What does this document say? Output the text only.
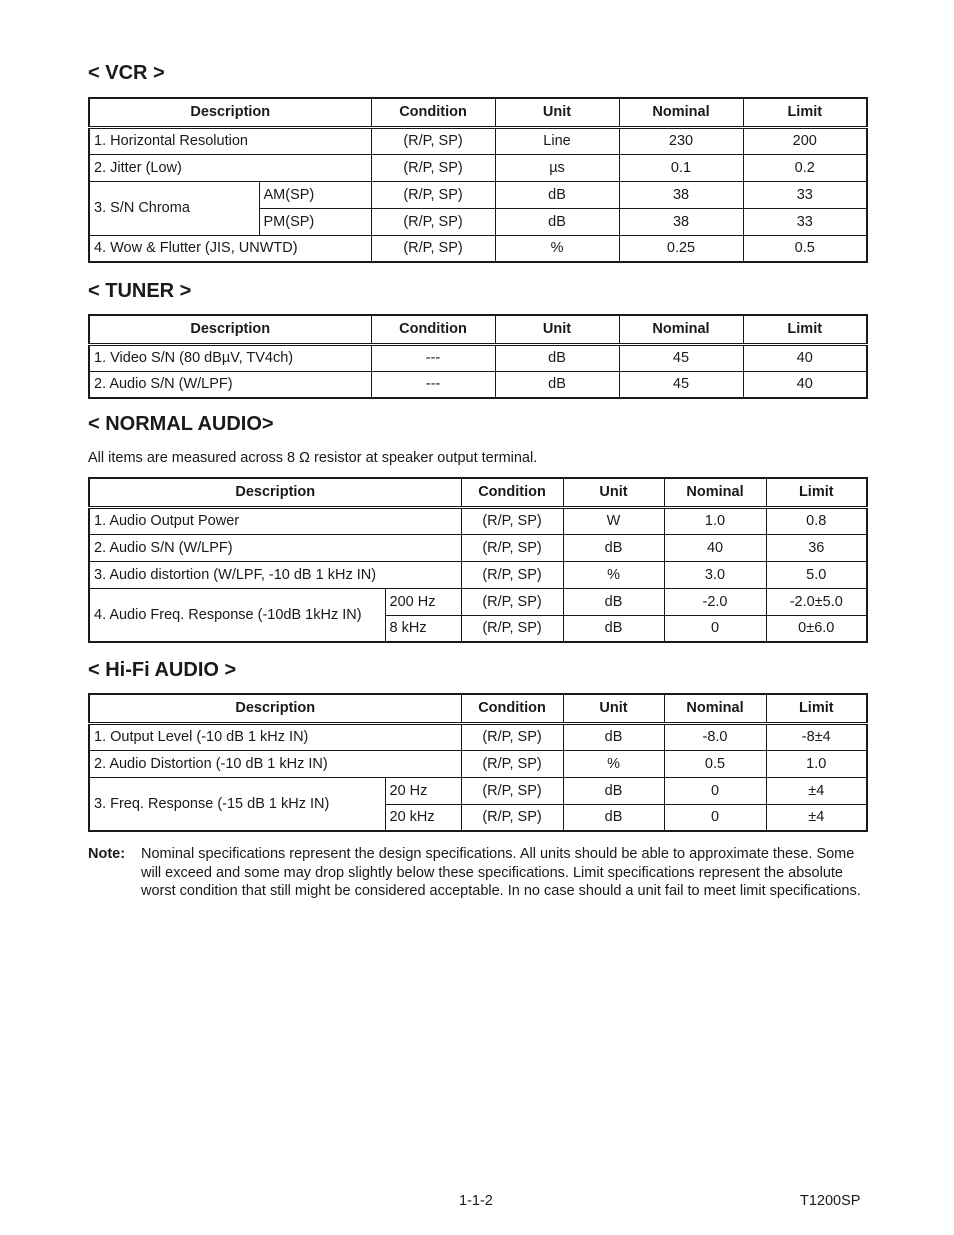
< VCR >
Description		Condition	Unit	Nominal	Limit
1. Horizontal Resolution		(R/P, SP)	Line	230	200
2. Jitter (Low)		(R/P, SP)	µs	0.1	0.2
3. S/N Chroma	AM(SP)	(R/P, SP)	dB	38	33
	PM(SP)	(R/P, SP)	dB	38	33
4. Wow & Flutter (JIS, UNWTD)		(R/P, SP)	%	0.25	0.5
< TUNER >
Description	Condition	Unit	Nominal	Limit
1. Video S/N (80 dBµV, TV4ch)	---	dB	45	40
2. Audio S/N (W/LPF)	---	dB	45	40
< NORMAL AUDIO>

All items are measured across 8 Ω resistor at speaker output terminal.

Description		Condition	Unit	Nominal	Limit
1. Audio Output Power		(R/P, SP)	W	1.0	0.8
2. Audio S/N (W/LPF)		(R/P, SP)	dB	40	36
3. Audio distortion (W/LPF, -10 dB 1 kHz IN)		(R/P, SP)	%	3.0	5.0
4. Audio Freq. Response (-10dB 1kHz IN)	200 Hz	(R/P, SP)	dB	-2.0	-2.0±5.0
	8 kHz	(R/P, SP)	dB	0	0±6.0
< Hi-Fi AUDIO >
Description		Condition	Unit	Nominal	Limit
1. Output Level (-10 dB 1 kHz IN)		(R/P, SP)	dB	-8.0	-8±4
2. Audio Distortion (-10 dB 1 kHz IN)		(R/P, SP)	%	0.5	1.0
3. Freq. Response (-15 dB 1 kHz IN)	20 Hz	(R/P, SP)	dB	0	±4
	20 kHz	(R/P, SP)	dB	0	±4
Note: Nominal specifications represent the design specifications. All units should be able to approximate these. Some will exceed and some may drop slightly below these specifications. Limit specifications represent the absolute worst condition that still might be considered acceptable. In no case should a unit fail to meet limit specifications.
1-1-2	T1200SP
